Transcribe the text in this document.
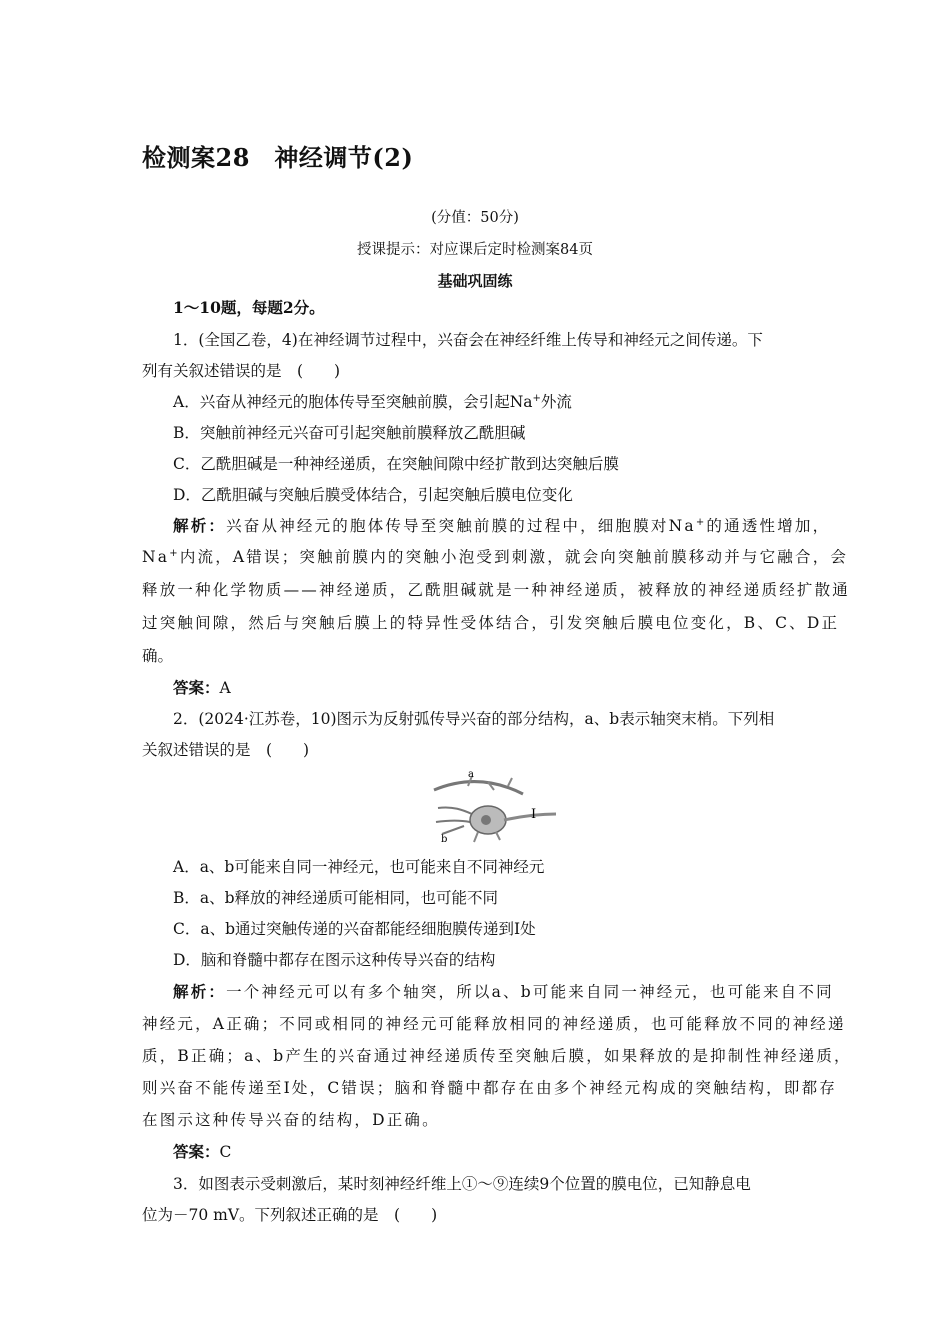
检测案28　神经调节(2)
(分值：50分)
授课提示：对应课后定时检测案84页
基础巩固练
1～10题，每题2分。
1．(全国乙卷，4)在神经调节过程中，兴奋会在神经纤维上传导和神经元之间传递。下
列有关叙述错误的是　(　　)
A．兴奋从神经元的胞体传导至突触前膜，会引起Na+外流
B．突触前神经元兴奋可引起突触前膜释放乙酰胆碱
C．乙酰胆碱是一种神经递质，在突触间隙中经扩散到达突触后膜
D．乙酰胆碱与突触后膜受体结合，引起突触后膜电位变化
解析：兴奋从神经元的胞体传导至突触前膜的过程中，细胞膜对Na+的通透性增加，
Na+内流，A错误；突触前膜内的突触小泡受到刺激，就会向突触前膜移动并与它融合，会
释放一种化学物质——神经递质，乙酰胆碱就是一种神经递质，被释放的神经递质经扩散通
过突触间隙，然后与突触后膜上的特异性受体结合，引发突触后膜电位变化，B、C、D正
确。
答案：A
2．(2024·江苏卷，10)图示为反射弧传导兴奋的部分结构，a、b表示轴突末梢。下列相
关叙述错误的是　(　　)
a
b
I
A．a、b可能来自同一神经元，也可能来自不同神经元
B．a、b释放的神经递质可能相同，也可能不同
C．a、b通过突触传递的兴奋都能经细胞膜传递到Ⅰ处
D．脑和脊髓中都存在图示这种传导兴奋的结构
解析：一个神经元可以有多个轴突，所以a、b可能来自同一神经元，也可能来自不同
神经元，A正确；不同或相同的神经元可能释放相同的神经递质，也可能释放不同的神经递
质，B正确；a、b产生的兴奋通过神经递质传至突触后膜，如果释放的是抑制性神经递质，
则兴奋不能传递至Ⅰ处，C错误；脑和脊髓中都存在由多个神经元构成的突触结构，即都存
在图示这种传导兴奋的结构，D正确。
答案：C
3．如图表示受刺激后，某时刻神经纤维上①～⑨连续9个位置的膜电位，已知静息电
位为－70 mV。下列叙述正确的是　(　　)
